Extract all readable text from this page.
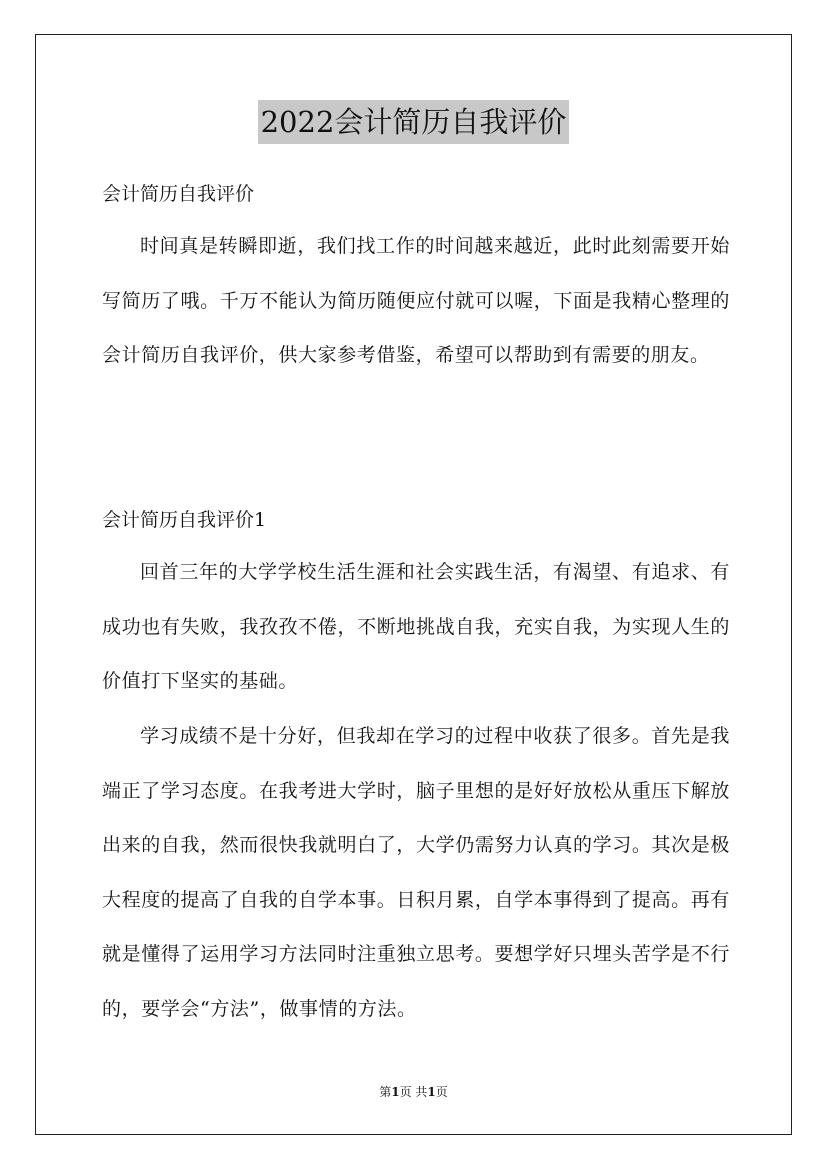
2022会计简历自我评价

会计简历自我评价

时间真是转瞬即逝，我们找工作的时间越来越近，此时此刻需要开始写简历了哦。千万不能认为简历随便应付就可以喔，下面是我精心整理的会计简历自我评价，供大家参考借鉴，希望可以帮助到有需要的朋友。

会计简历自我评价1

回首三年的大学学校生活生涯和社会实践生活，有渴望、有追求、有成功也有失败，我孜孜不倦，不断地挑战自我，充实自我，为实现人生的价值打下坚实的基础。

学习成绩不是十分好，但我却在学习的过程中收获了很多。首先是我端正了学习态度。在我考进大学时，脑子里想的是好好放松从重压下解放出来的自我，然而很快我就明白了，大学仍需努力认真的学习。其次是极大程度的提高了自我的自学本事。日积月累，自学本事得到了提高。再有就是懂得了运用学习方法同时注重独立思考。要想学好只埋头苦学是不行的，要学会“方法”，做事情的方法。

第1页 共1页
